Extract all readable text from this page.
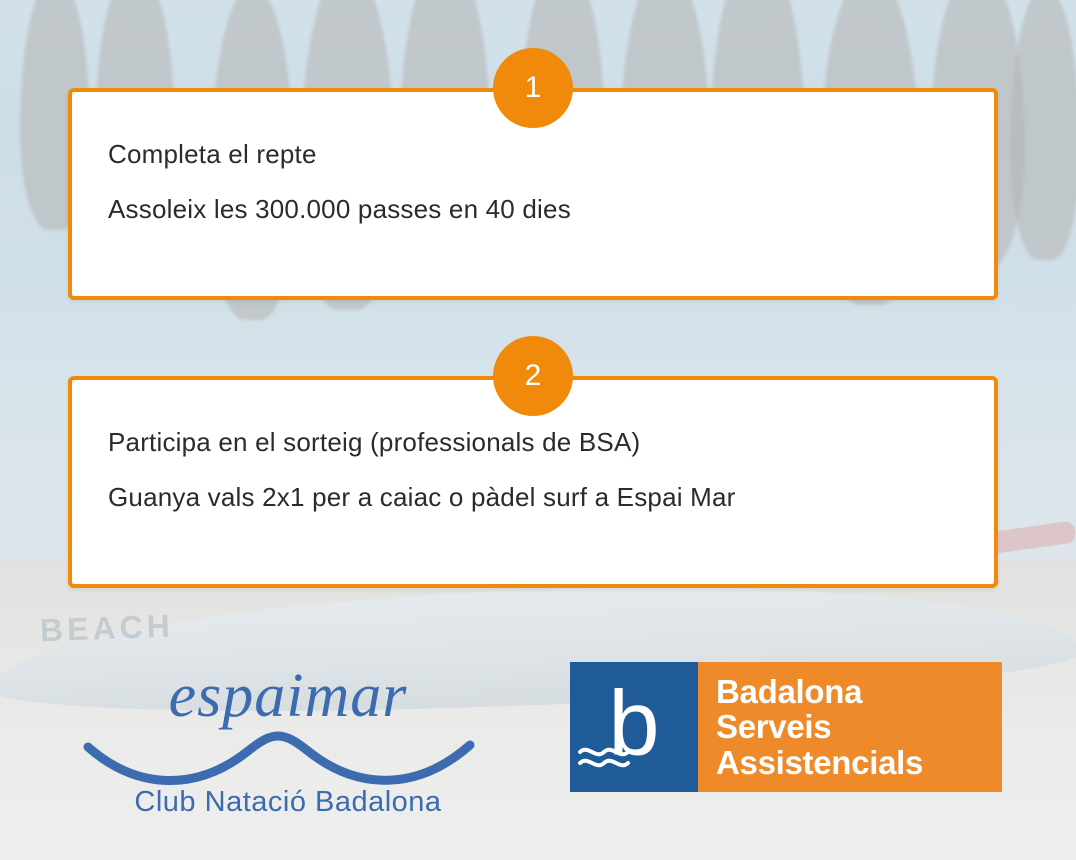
1
Completa el repte
Assoleix les 300.000 passes en 40 dies
2
Participa en el sorteig (professionals de BSA)
Guanya vals 2x1 per a caiac o pàdel surf a Espai Mar
espaimar
Club Natació Badalona
b Badalona
Serveis
Assistencials
